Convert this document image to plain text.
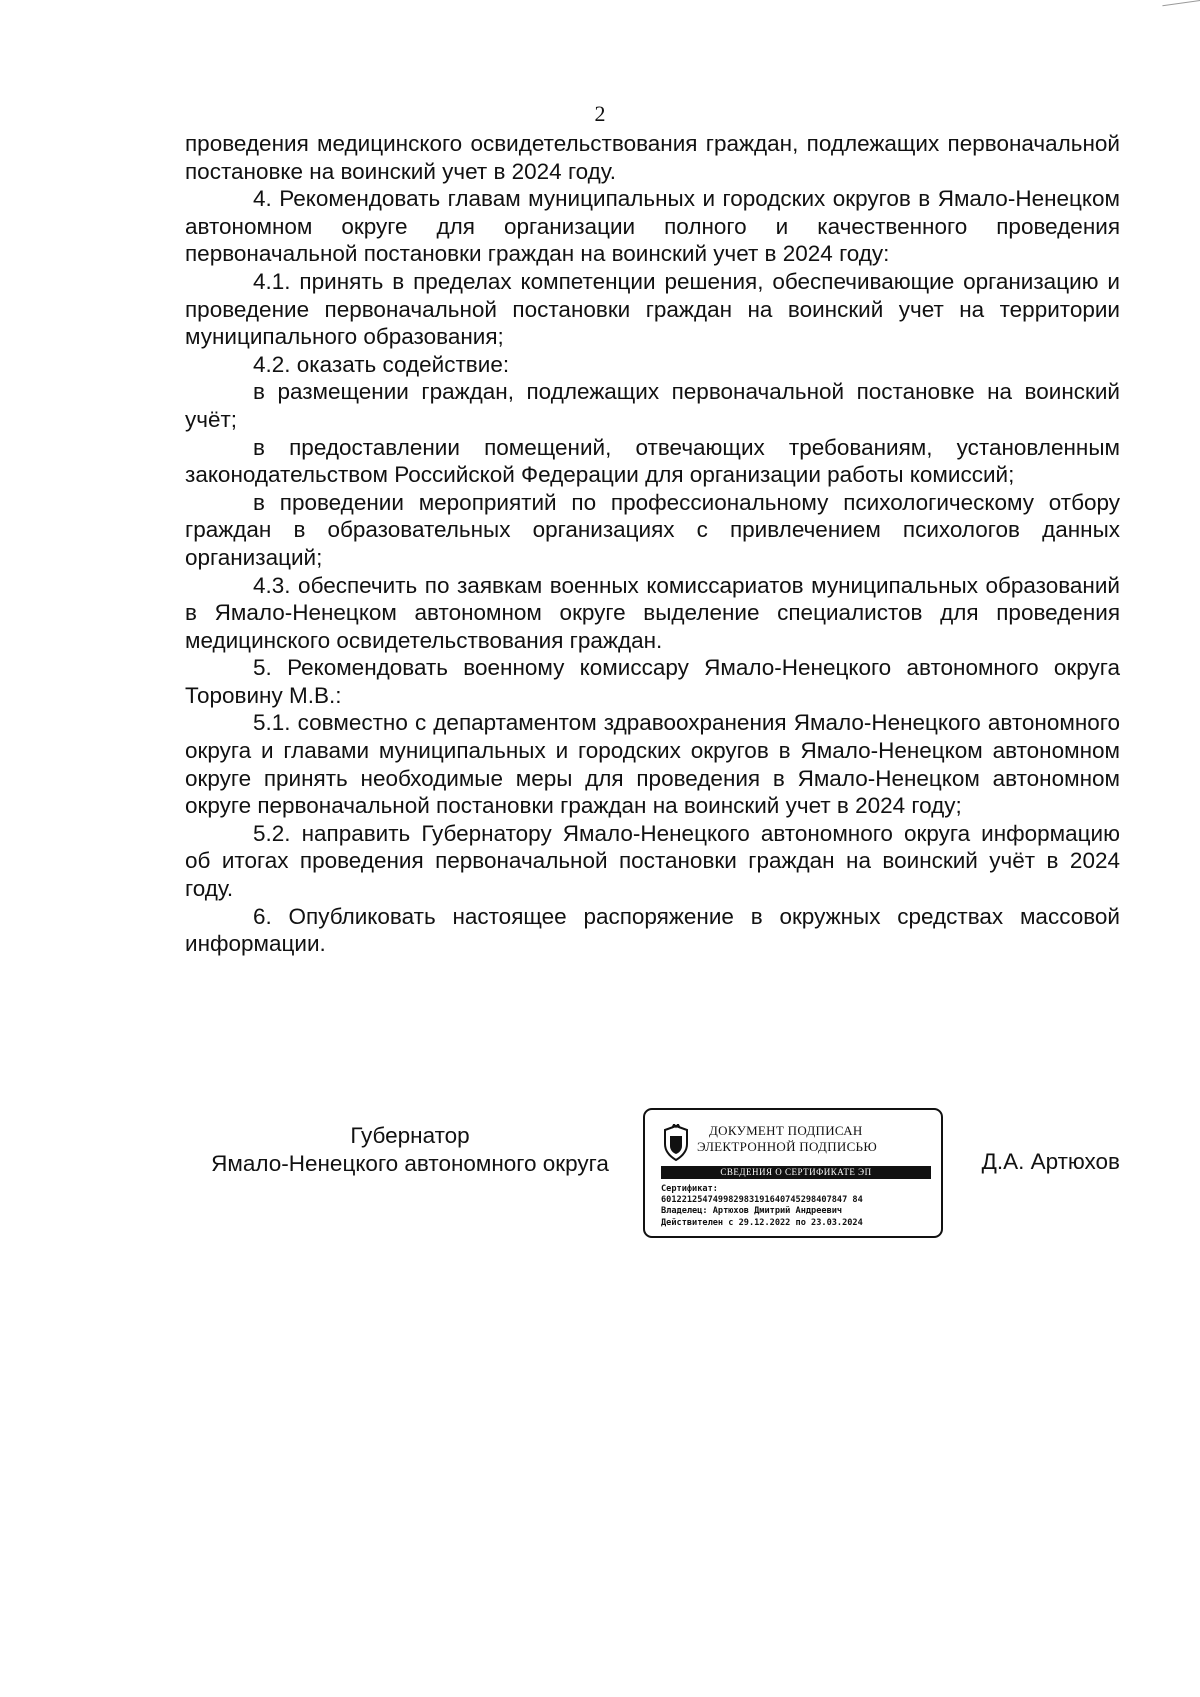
2

проведения медицинского освидетельствования граждан, подлежащих первоначальной постановке на воинский учет в 2024 году.

4. Рекомендовать главам муниципальных и городских округов в Ямало-Ненецком автономном округе для организации полного и качественного проведения первоначальной постановки граждан на воинский учет в 2024 году:

4.1. принять в пределах компетенции решения, обеспечивающие организацию и проведение первоначальной постановки граждан на воинский учет на территории муниципального образования;

4.2. оказать содействие:

в размещении граждан, подлежащих первоначальной постановке на воинский учёт;

в предоставлении помещений, отвечающих требованиям, установленным законодательством Российской Федерации для организации работы комиссий;

в проведении мероприятий по профессиональному психологическому отбору граждан в образовательных организациях с привлечением психологов данных организаций;

4.3. обеспечить по заявкам военных комиссариатов муниципальных образований в Ямало-Ненецком автономном округе выделение специалистов для проведения медицинского освидетельствования граждан.

5. Рекомендовать военному комиссару Ямало-Ненецкого автономного округа Торовину М.В.:

5.1. совместно с департаментом здравоохранения Ямало-Ненецкого автономного округа и главами муниципальных и городских округов в Ямало-Ненецком автономном округе принять необходимые меры для проведения в Ямало-Ненецком автономном округе первоначальной постановки граждан на воинский учет в 2024 году;

5.2. направить Губернатору Ямало-Ненецкого автономного округа информацию об итогах проведения первоначальной постановки граждан на воинский учёт в 2024 году.

6. Опубликовать настоящее распоряжение в окружных средствах массовой информации.

Губернатор
Ямало-Ненецкого автономного округа
ДОКУМЕНТ ПОДПИСАН
ЭЛЕКТРОННОЙ ПОДПИСЬЮ
СВЕДЕНИЯ О СЕРТИФИКАТЕ ЭП
Сертификат:
601221254749982983191640745298407847 84
Владелец: Артюхов Дмитрий Андреевич
Действителен с 29.12.2022 по 23.03.2024
Д.А. Артюхов
